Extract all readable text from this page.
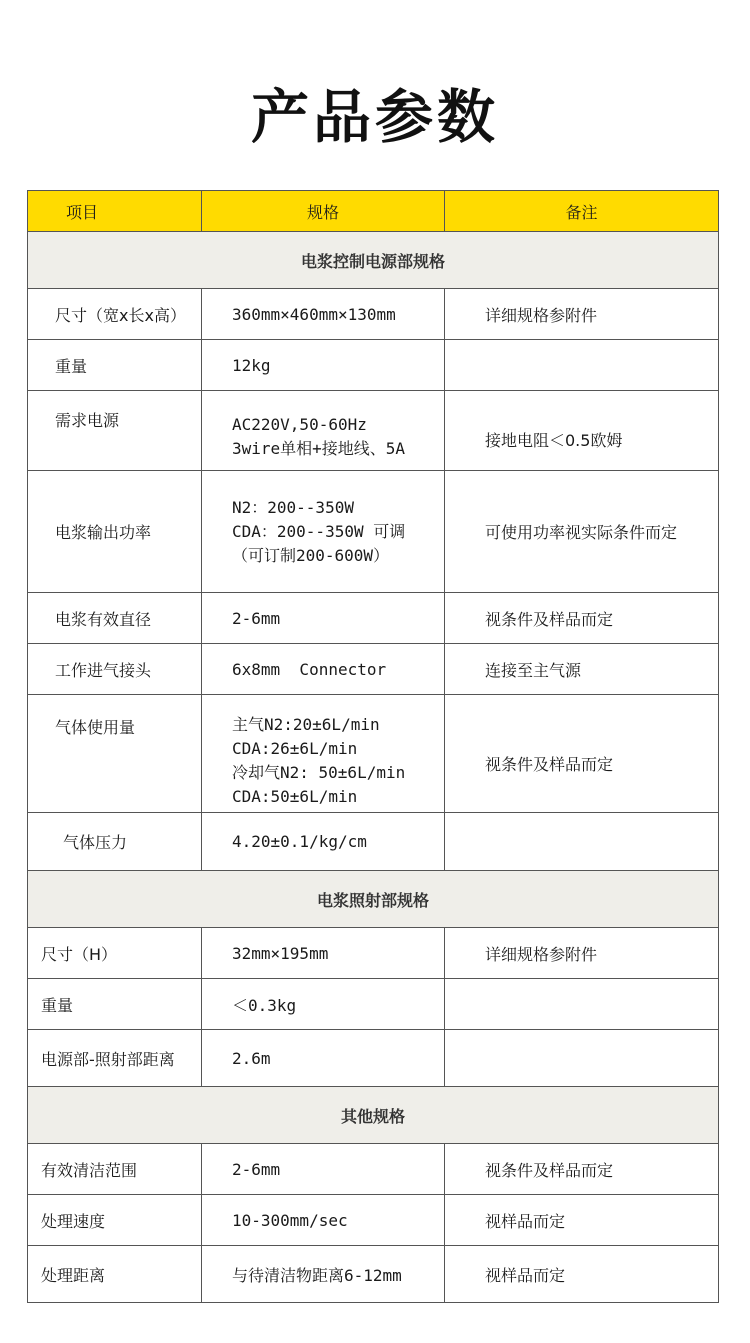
产品参数
项目	规格	备注
电浆控制电源部规格		
尺寸（宽x长x高）	360mm×460mm×130mm	详细规格参附件
重量	12kg	
需求电源	AC220V,50-60Hz
3wire单相+接地线、5A	接地电阻＜0.5欧姆
电浆输出功率	N2：200--350W
CDA：200--350W 可调
（可订制200-600W）	可使用功率视实际条件而定
电浆有效直径	2-6mm	视条件及样品而定
工作进气接头	6x8mm  Connector	连接至主气源
气体使用量	主气N2:20±6L/min
CDA:26±6L/min
冷却气N2: 50±6L/min
CDA:50±6L/min	视条件及样品而定
气体压力	4.20±0.1/kg/cm	
电浆照射部规格		
尺寸（H）	32mm×195mm	详细规格参附件
重量	＜0.3kg	
电源部-照射部距离	2.6m	
其他规格		
有效清洁范围	2-6mm	视条件及样品而定
处理速度	10-300mm/sec	视样品而定
处理距离	与待清洁物距离6-12mm	视样品而定
